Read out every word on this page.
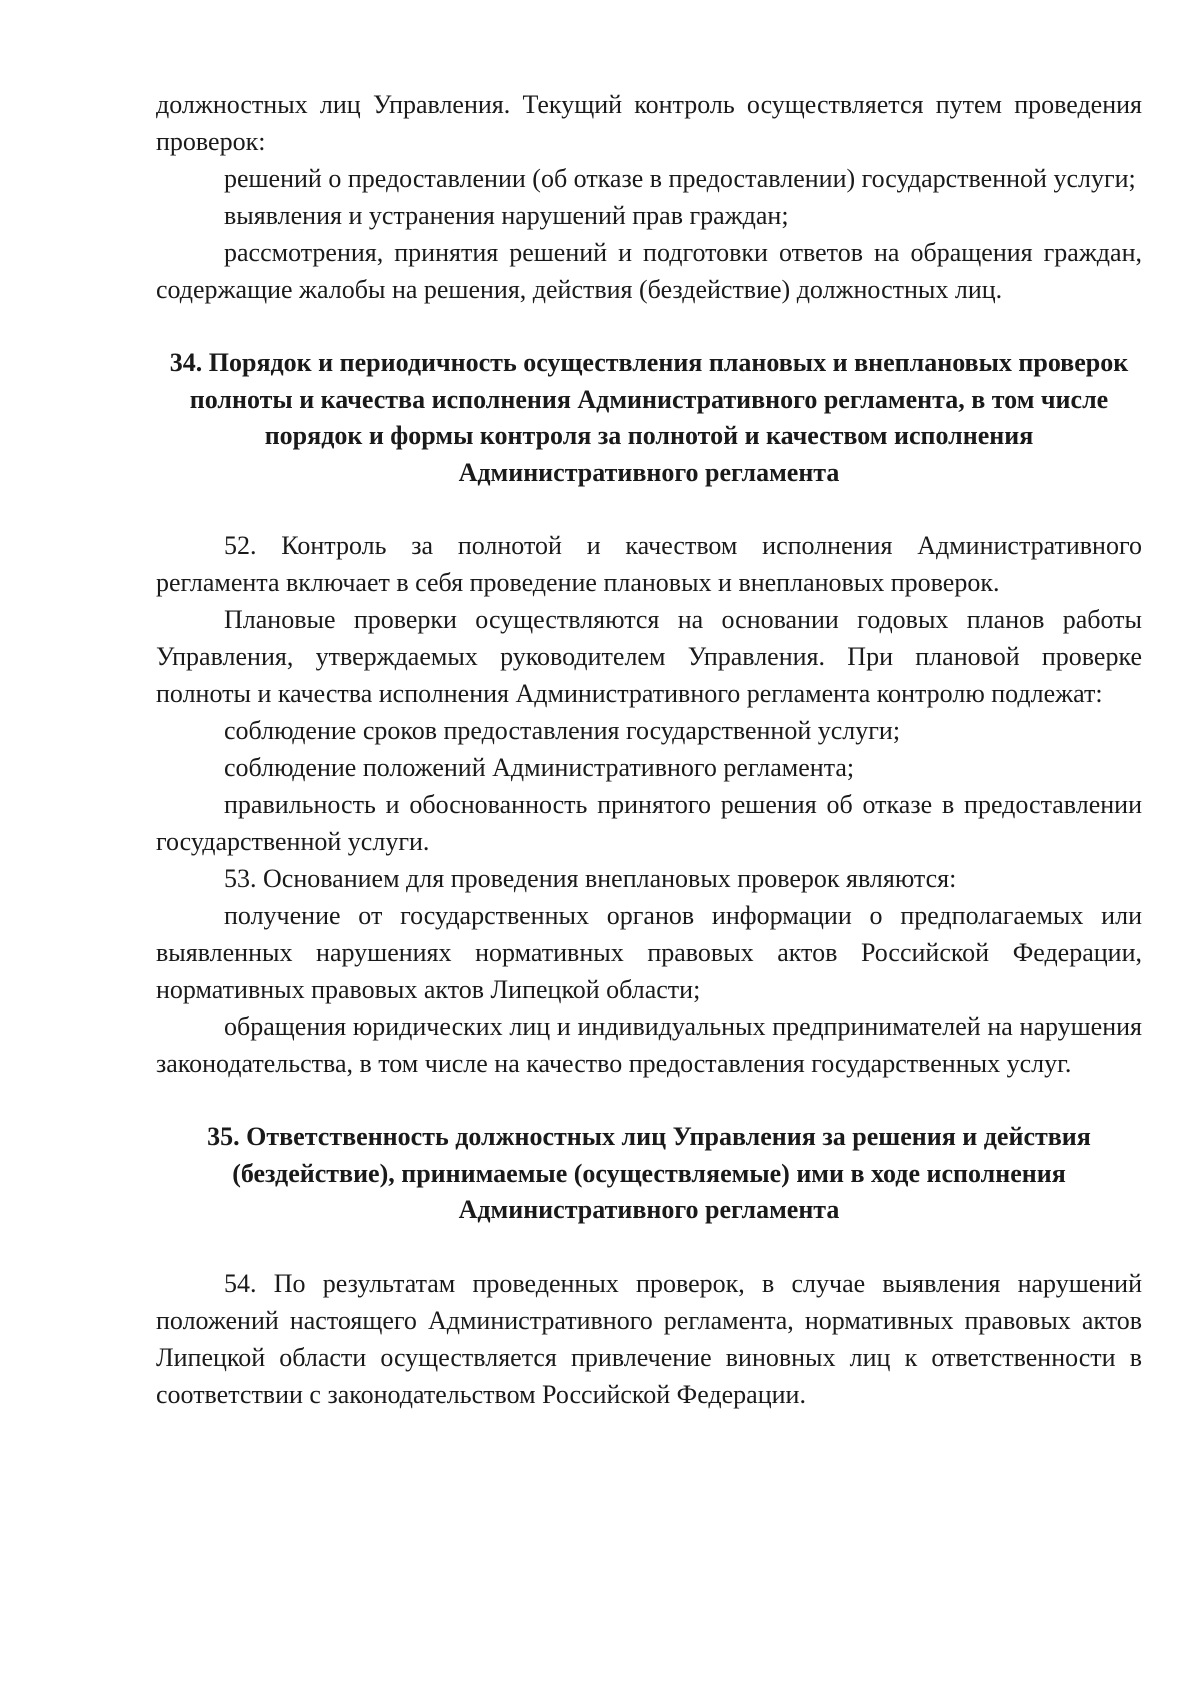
должностных лиц Управления. Текущий контроль осуществляется путем проведения проверок:

решений о предоставлении (об отказе в предоставлении) государственной услуги;

выявления и устранения нарушений прав граждан;

рассмотрения, принятия решений и подготовки ответов на обращения граждан, содержащие жалобы на решения, действия (бездействие) должностных лиц.

34. Порядок и периодичность осуществления плановых и внеплановых проверок полноты и качества исполнения Административного регламента, в том числе порядок и формы контроля за полнотой и качеством исполнения Административного регламента

52. Контроль за полнотой и качеством исполнения Административного регламента включает в себя проведение плановых и внеплановых проверок.

Плановые проверки осуществляются на основании годовых планов работы Управления, утверждаемых руководителем Управления. При плановой проверке полноты и качества исполнения Административного регламента контролю подлежат:

соблюдение сроков предоставления государственной услуги;

соблюдение положений Административного регламента;

правильность и обоснованность принятого решения об отказе в предоставлении государственной услуги.

53. Основанием для проведения внеплановых проверок являются:

получение от государственных органов информации о предполагаемых или выявленных нарушениях нормативных правовых актов Российской Федерации, нормативных правовых актов Липецкой области;

обращения юридических лиц и индивидуальных предпринимателей на нарушения законодательства, в том числе на качество предоставления государственных услуг.

35. Ответственность должностных лиц Управления за решения и действия (бездействие), принимаемые (осуществляемые) ими в ходе исполнения Административного регламента

54. По результатам проведенных проверок, в случае выявления нарушений положений настоящего Административного регламента, нормативных правовых актов Липецкой области осуществляется привлечение виновных лиц к ответственности в соответствии с законодательством Российской Федерации.
